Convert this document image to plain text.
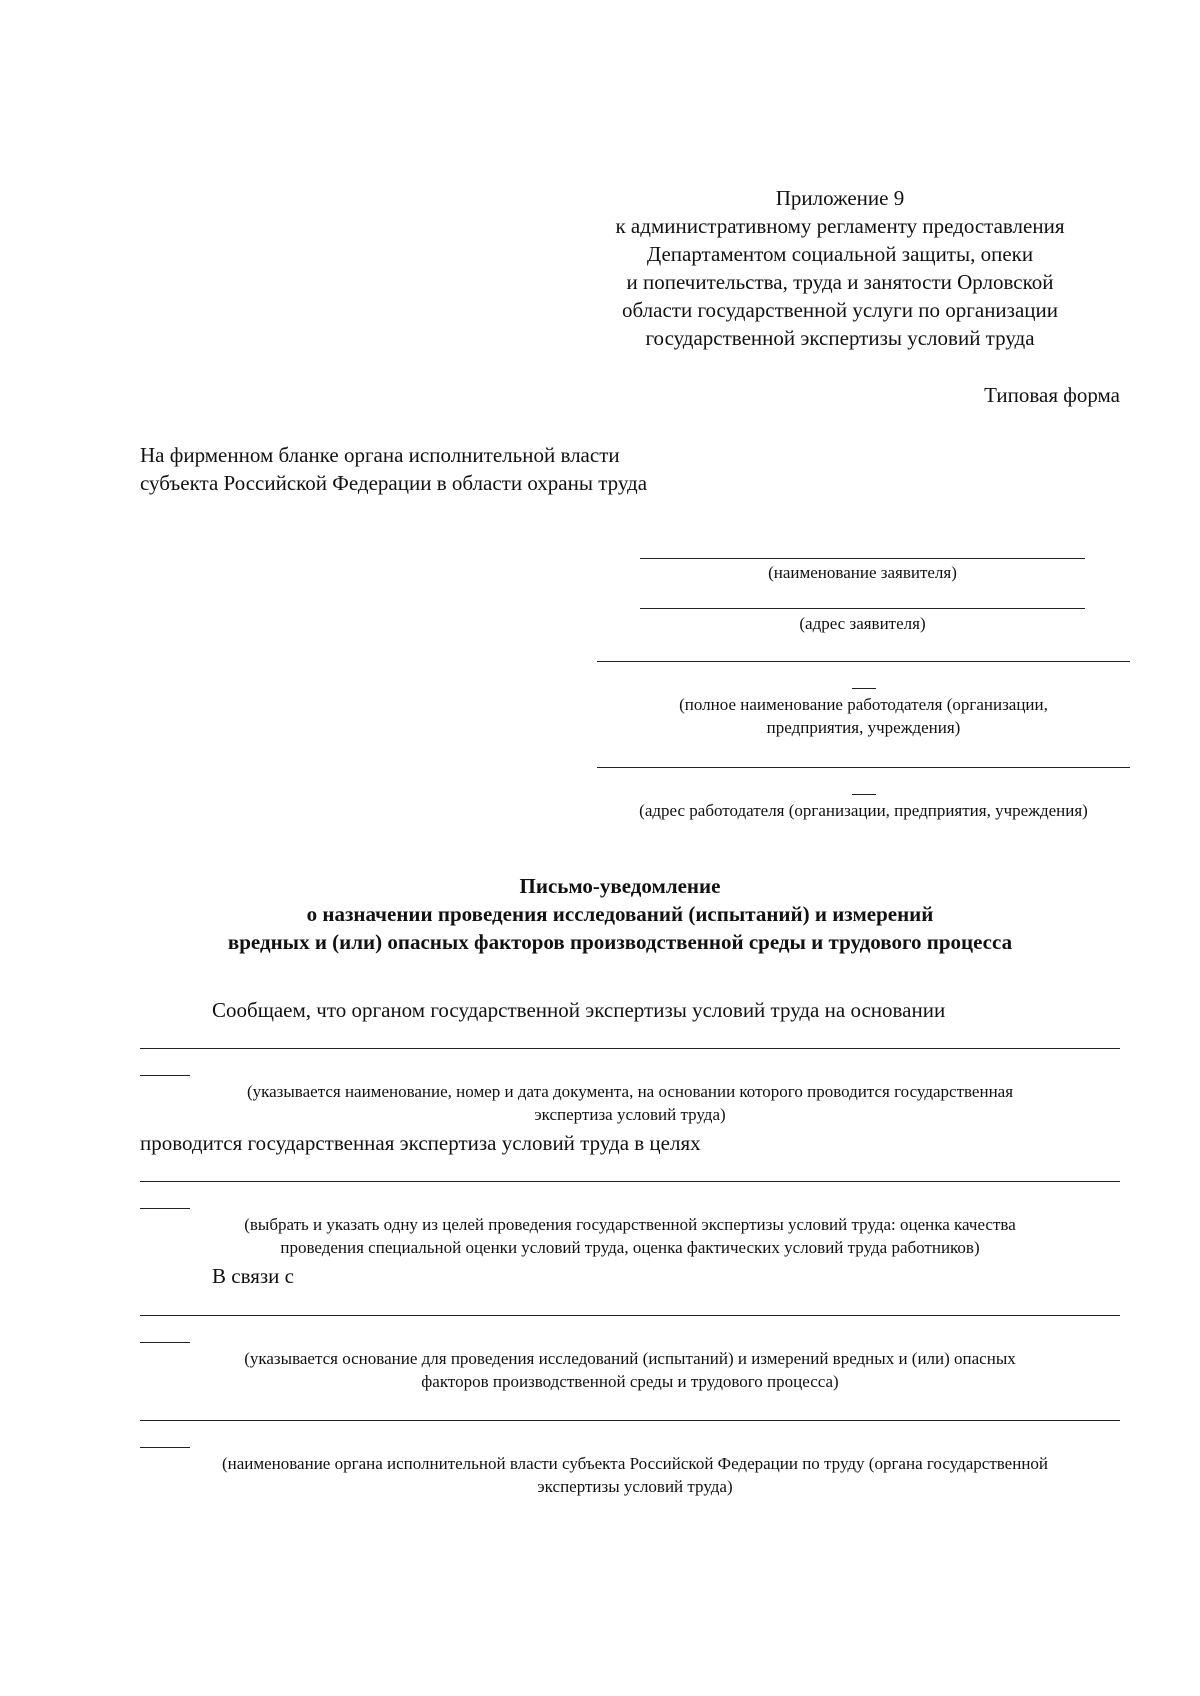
Приложение 9
к административному регламенту предоставления
Департаментом социальной защиты, опеки
и попечительства, труда и занятости Орловской
области государственной услуги по организации
государственной экспертизы условий труда
Типовая форма
На фирменном бланке органа исполнительной власти
субъекта Российской Федерации в области охраны труда
(наименование заявителя)
(адрес заявителя)
(полное наименование работодателя (организации,
предприятия, учреждения)
(адрес работодателя (организации, предприятия, учреждения)
Письмо-уведомление
о назначении проведения исследований (испытаний) и измерений
вредных и (или) опасных факторов производственной среды и трудового процесса
Сообщаем, что органом государственной экспертизы условий труда на основании
(указывается наименование, номер и дата документа, на основании которого проводится государственная
экспертиза условий труда)
проводится государственная экспертиза условий труда в целях
(выбрать и указать одну из целей проведения государственной экспертизы условий труда: оценка качества
проведения специальной оценки условий труда, оценка фактических условий труда работников)
В связи с
(указывается основание для проведения исследований (испытаний) и измерений вредных и (или) опасных
факторов производственной среды и трудового процесса)
(наименование органа исполнительной власти субъекта Российской Федерации по труду (органа государственной
экспертизы условий труда)
